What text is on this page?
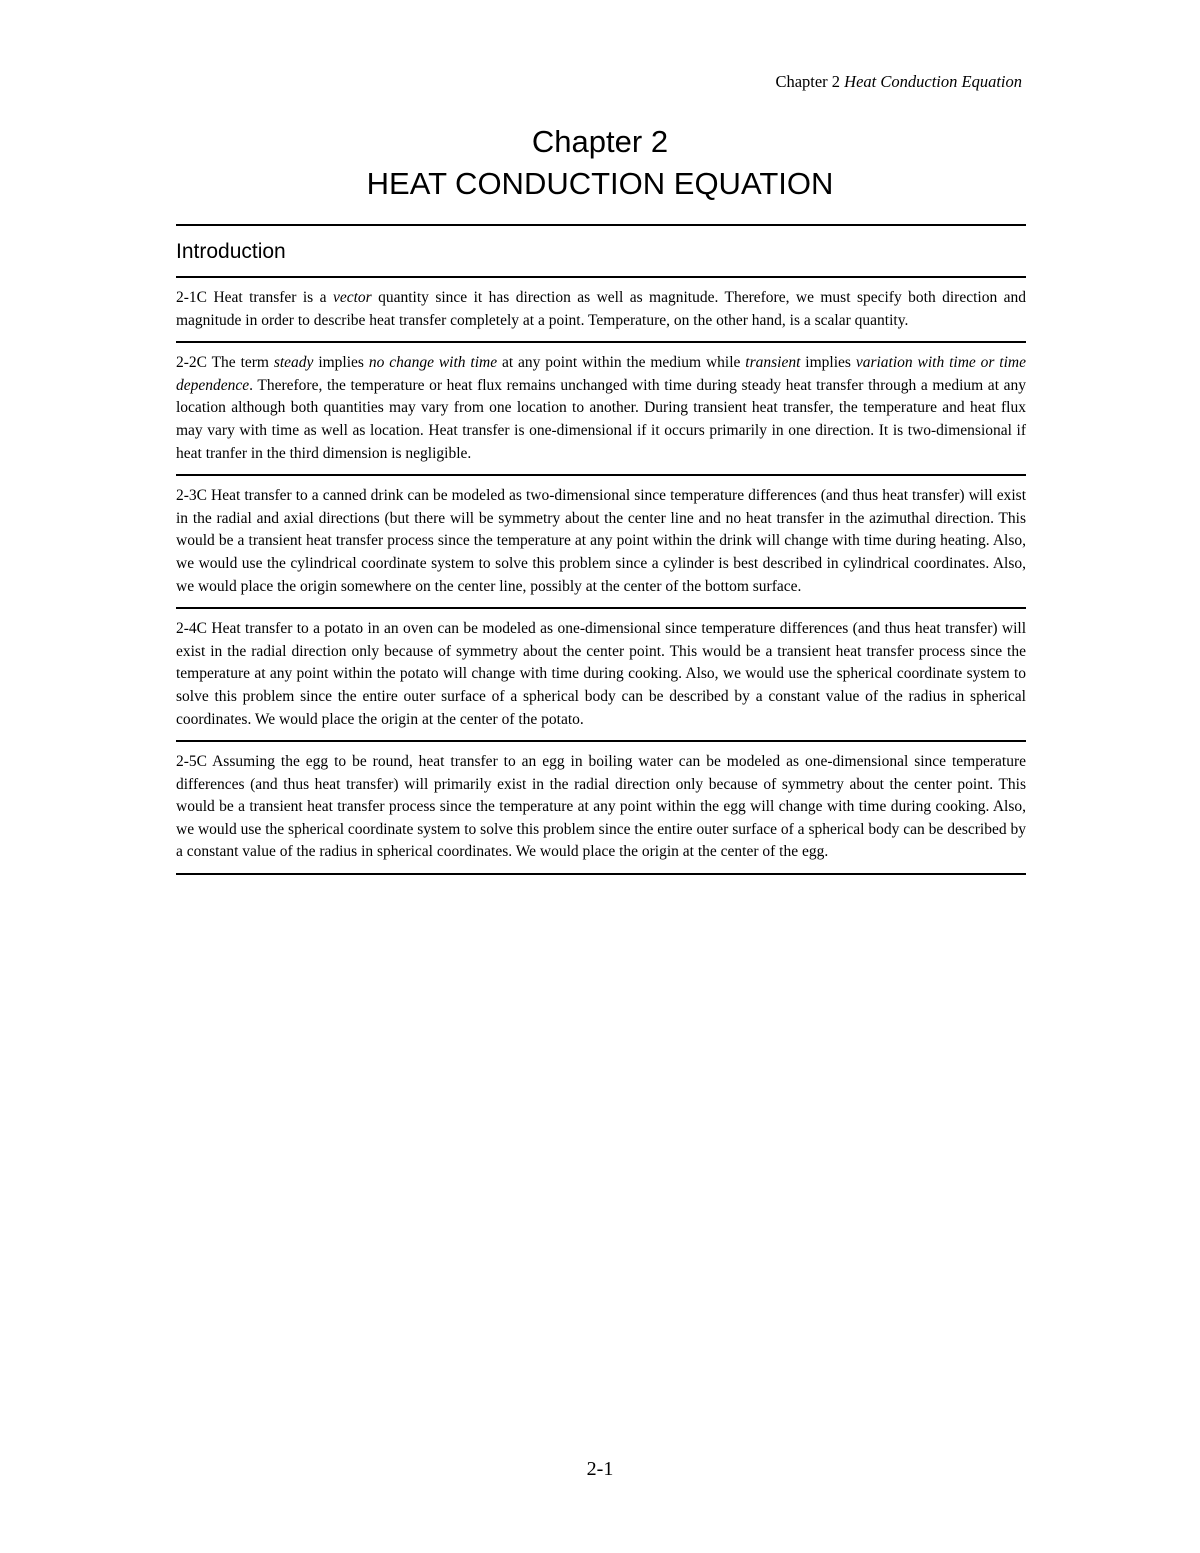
Chapter 2 Heat Conduction Equation
Chapter 2
HEAT CONDUCTION EQUATION
Introduction
2-1C Heat transfer is a vector quantity since it has direction as well as magnitude. Therefore, we must specify both direction and magnitude in order to describe heat transfer completely at a point. Temperature, on the other hand, is a scalar quantity.
2-2C The term steady implies no change with time at any point within the medium while transient implies variation with time or time dependence. Therefore, the temperature or heat flux remains unchanged with time during steady heat transfer through a medium at any location although both quantities may vary from one location to another. During transient heat transfer, the temperature and heat flux may vary with time as well as location. Heat transfer is one-dimensional if it occurs primarily in one direction. It is two-dimensional if heat tranfer in the third dimension is negligible.
2-3C Heat transfer to a canned drink can be modeled as two-dimensional since temperature differences (and thus heat transfer) will exist in the radial and axial directions (but there will be symmetry about the center line and no heat transfer in the azimuthal direction. This would be a transient heat transfer process since the temperature at any point within the drink will change with time during heating. Also, we would use the cylindrical coordinate system to solve this problem since a cylinder is best described in cylindrical coordinates. Also, we would place the origin somewhere on the center line, possibly at the center of the bottom surface.
2-4C Heat transfer to a potato in an oven can be modeled as one-dimensional since temperature differences (and thus heat transfer) will exist in the radial direction only because of symmetry about the center point. This would be a transient heat transfer process since the temperature at any point within the potato will change with time during cooking. Also, we would use the spherical coordinate system to solve this problem since the entire outer surface of a spherical body can be described by a constant value of the radius in spherical coordinates. We would place the origin at the center of the potato.
2-5C Assuming the egg to be round, heat transfer to an egg in boiling water can be modeled as one-dimensional since temperature differences (and thus heat transfer) will primarily exist in the radial direction only because of symmetry about the center point. This would be a transient heat transfer process since the temperature at any point within the egg will change with time during cooking. Also, we would use the spherical coordinate system to solve this problem since the entire outer surface of a spherical body can be described by a constant value of the radius in spherical coordinates. We would place the origin at the center of the egg.
2-1
